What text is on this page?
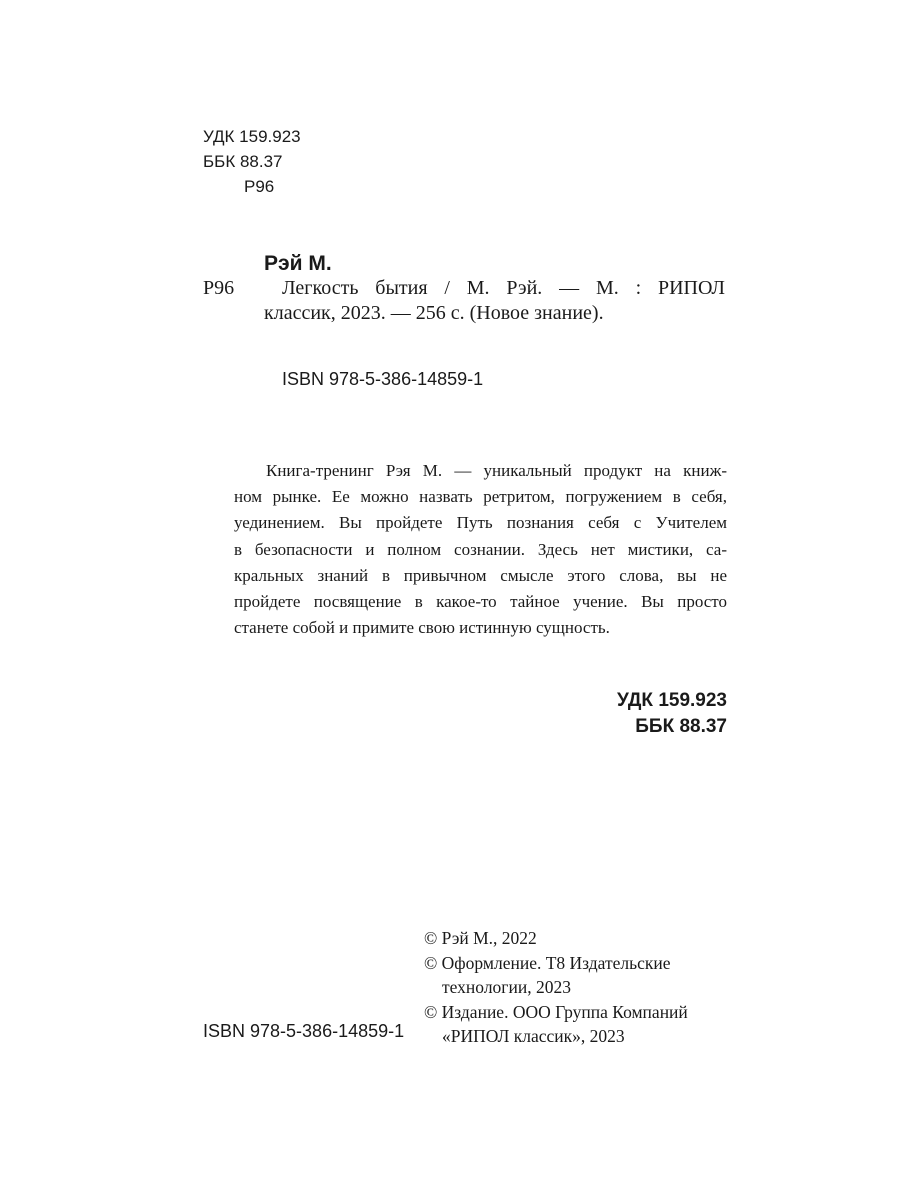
УДК 159.923
ББК 88.37
Р96
Рэй М.
Р96 Легкость бытия / М. Рэй. — М. : РИПОЛ
классик, 2023. — 256 с. (Новое знание).
ISBN 978-5-386-14859-1
Книга-тренинг Рэя М. — уникальный продукт на книж-
ном рынке. Ее можно назвать ретритом, погружением в себя,
уединением. Вы пройдете Путь познания себя с Учителем
в безопасности и полном сознании. Здесь нет мистики, са-
кральных знаний в привычном смысле этого слова, вы не
пройдете посвящение в какое-то тайное учение. Вы просто
станете собой и примите свою истинную сущность.
УДК 159.923
ББК 88.37
ISBN 978-5-386-14859-1
© Рэй М., 2022
© Оформление. Т8 Издательские
технологии, 2023
© Издание. ООО Группа Компаний
«РИПОЛ классик», 2023
